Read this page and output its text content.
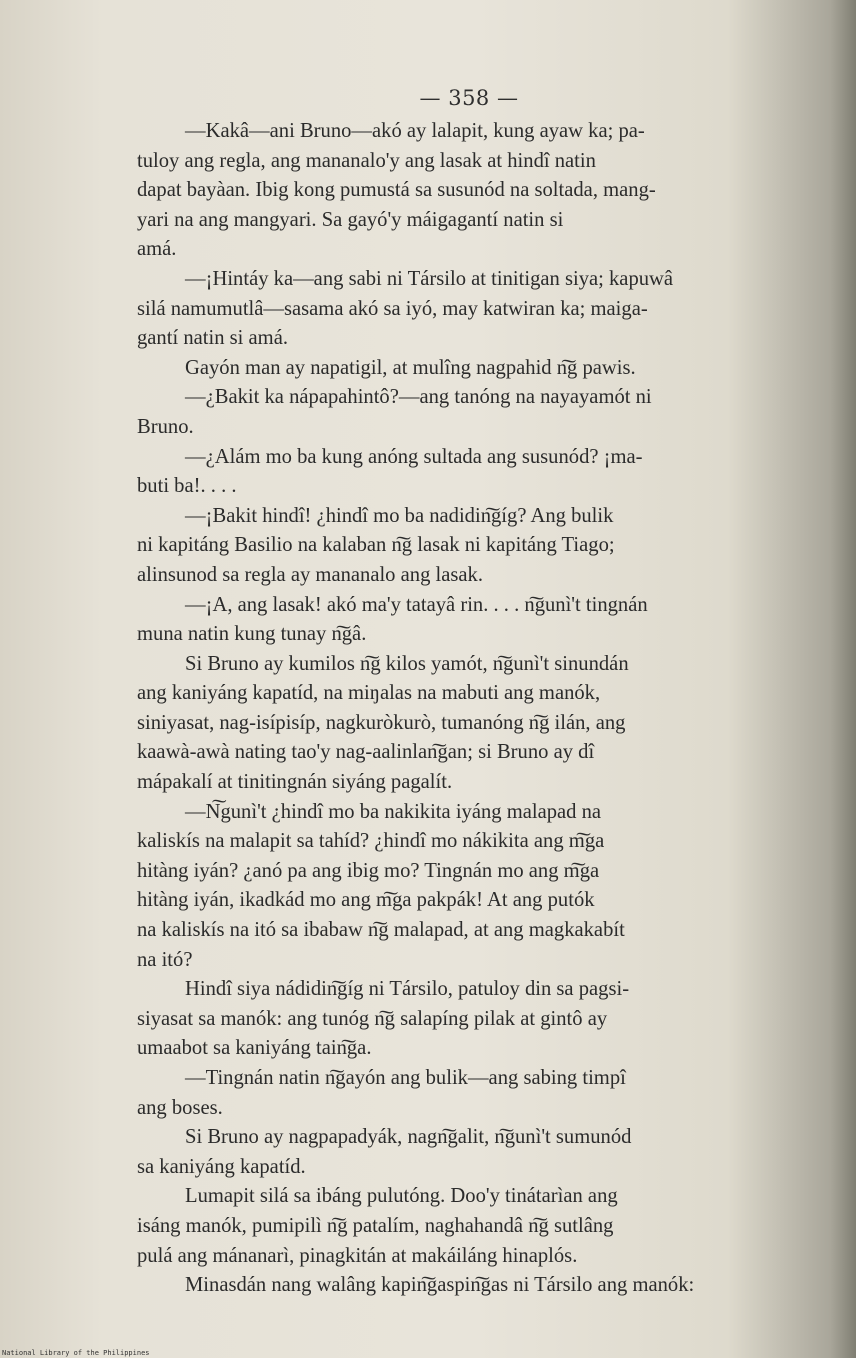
— 358 —
—Kakâ—ani Bruno—akó ay lalapit, kung ayaw ka; pa-
tuloy ang regla, ang mananalo'y ang lasak at hindî natin
dapat bayàan. Ibig kong pumustá sa susunód na soltada, mang-
yari na ang mangyari. Sa gayó'y máigagantí natin si
amá.
—¡Hintáy ka—ang sabi ni Társilo at tinitigan siya; kapuwâ
silá namumutlâ—sasama akó sa iyó, may katwiran ka; maiga-
gantí natin si amá.
Gayón man ay napatigil, at mulîng nagpahid n͠g pawis.
—¿Bakit ka nápapahintô?—ang tanóng na nayayamót ni
Bruno.
—¿Alám mo ba kung anóng sultada ang susunód? ¡ma-
buti ba!. . . .
—¡Bakit hindî! ¿hindî mo ba nadidin͠gíg? Ang bulik
ni kapitáng Basilio na kalaban n͠g lasak ni kapitáng Tiago;
alinsunod sa regla ay mananalo ang lasak.
—¡A, ang lasak! akó ma'y tatayâ rin. . . . n͠gunì't tingnán
muna natin kung tunay n͠gâ.
Si Bruno ay kumilos n͠g kilos yamót, n͠gunì't sinundán
ang kaniyáng kapatíd, na miŋalas na mabuti ang manók,
siniyasat, nag-isípisíp, nagkuròkurò, tumanóng n͠g ilán, ang
kaawà-awà nating tao'y nag-aalinlan͠gan; si Bruno ay dî
mápakalí at tinitingnán siyáng pagalít.
—N͠gunì't ¿hindî mo ba nakikita iyáng malapad na
kaliskís na malapit sa tahíd? ¿hindî mo nákikita ang m͠ga
hitàng iyán? ¿anó pa ang ibig mo? Tingnán mo ang m͠ga
hitàng iyán, ikadkád mo ang m͠ga pakpák! At ang putók
na kaliskís na itó sa ibabaw n͠g malapad, at ang magkakabít
na itó?
Hindî siya nádidin͠gíg ni Társilo, patuloy din sa pagsi-
siyasat sa manók: ang tunóg n͠g salapíng pilak at gintô ay
umaabot sa kaniyáng tain͠ga.
—Tingnán natin n͠gayón ang bulik—ang sabing timpî
ang boses.
Si Bruno ay nagpapadyák, nagn͠galit, n͠gunì't sumunód
sa kaniyáng kapatíd.
Lumapit silá sa ibáng pulutóng. Doo'y tinátarìan ang
isáng manók, pumipilì n͠g patalím, naghahandâ n͠g sutlâng
pulá ang mánanarì, pinagkitán at makáiláng hinaplós.
Minasdán nang walâng kapin͠gaspin͠gas ni Társilo ang manók:
National Library of the Philippines
